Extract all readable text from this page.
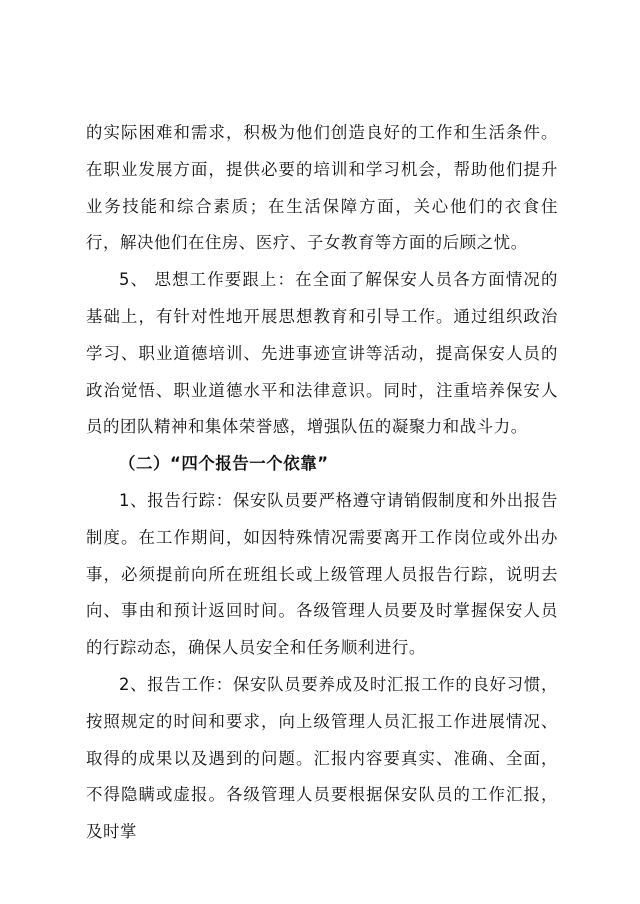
的实际困难和需求，积极为他们创造良好的工作和生活条件。在职业发展方面，提供必要的培训和学习机会，帮助他们提升业务技能和综合素质；在生活保障方面，关心他们的衣食住行，解决他们在住房、医疗、子女教育等方面的后顾之忧。

5、 思想工作要跟上：在全面了解保安人员各方面情况的基础上，有针对性地开展思想教育和引导工作。通过组织政治学习、职业道德培训、先进事迹宣讲等活动，提高保安人员的政治觉悟、职业道德水平和法律意识。同时，注重培养保安人员的团队精神和集体荣誉感，增强队伍的凝聚力和战斗力。

（二）“四个报告一个依靠”

1、报告行踪：保安队员要严格遵守请销假制度和外出报告制度。在工作期间，如因特殊情况需要离开工作岗位或外出办事，必须提前向所在班组长或上级管理人员报告行踪，说明去向、事由和预计返回时间。各级管理人员要及时掌握保安人员的行踪动态，确保人员安全和任务顺利进行。

2、报告工作：保安队员要养成及时汇报工作的良好习惯，按照规定的时间和要求，向上级管理人员汇报工作进展情况、取得的成果以及遇到的问题。汇报内容要真实、准确、全面，不得隐瞒或虚报。各级管理人员要根据保安队员的工作汇报，及时掌
